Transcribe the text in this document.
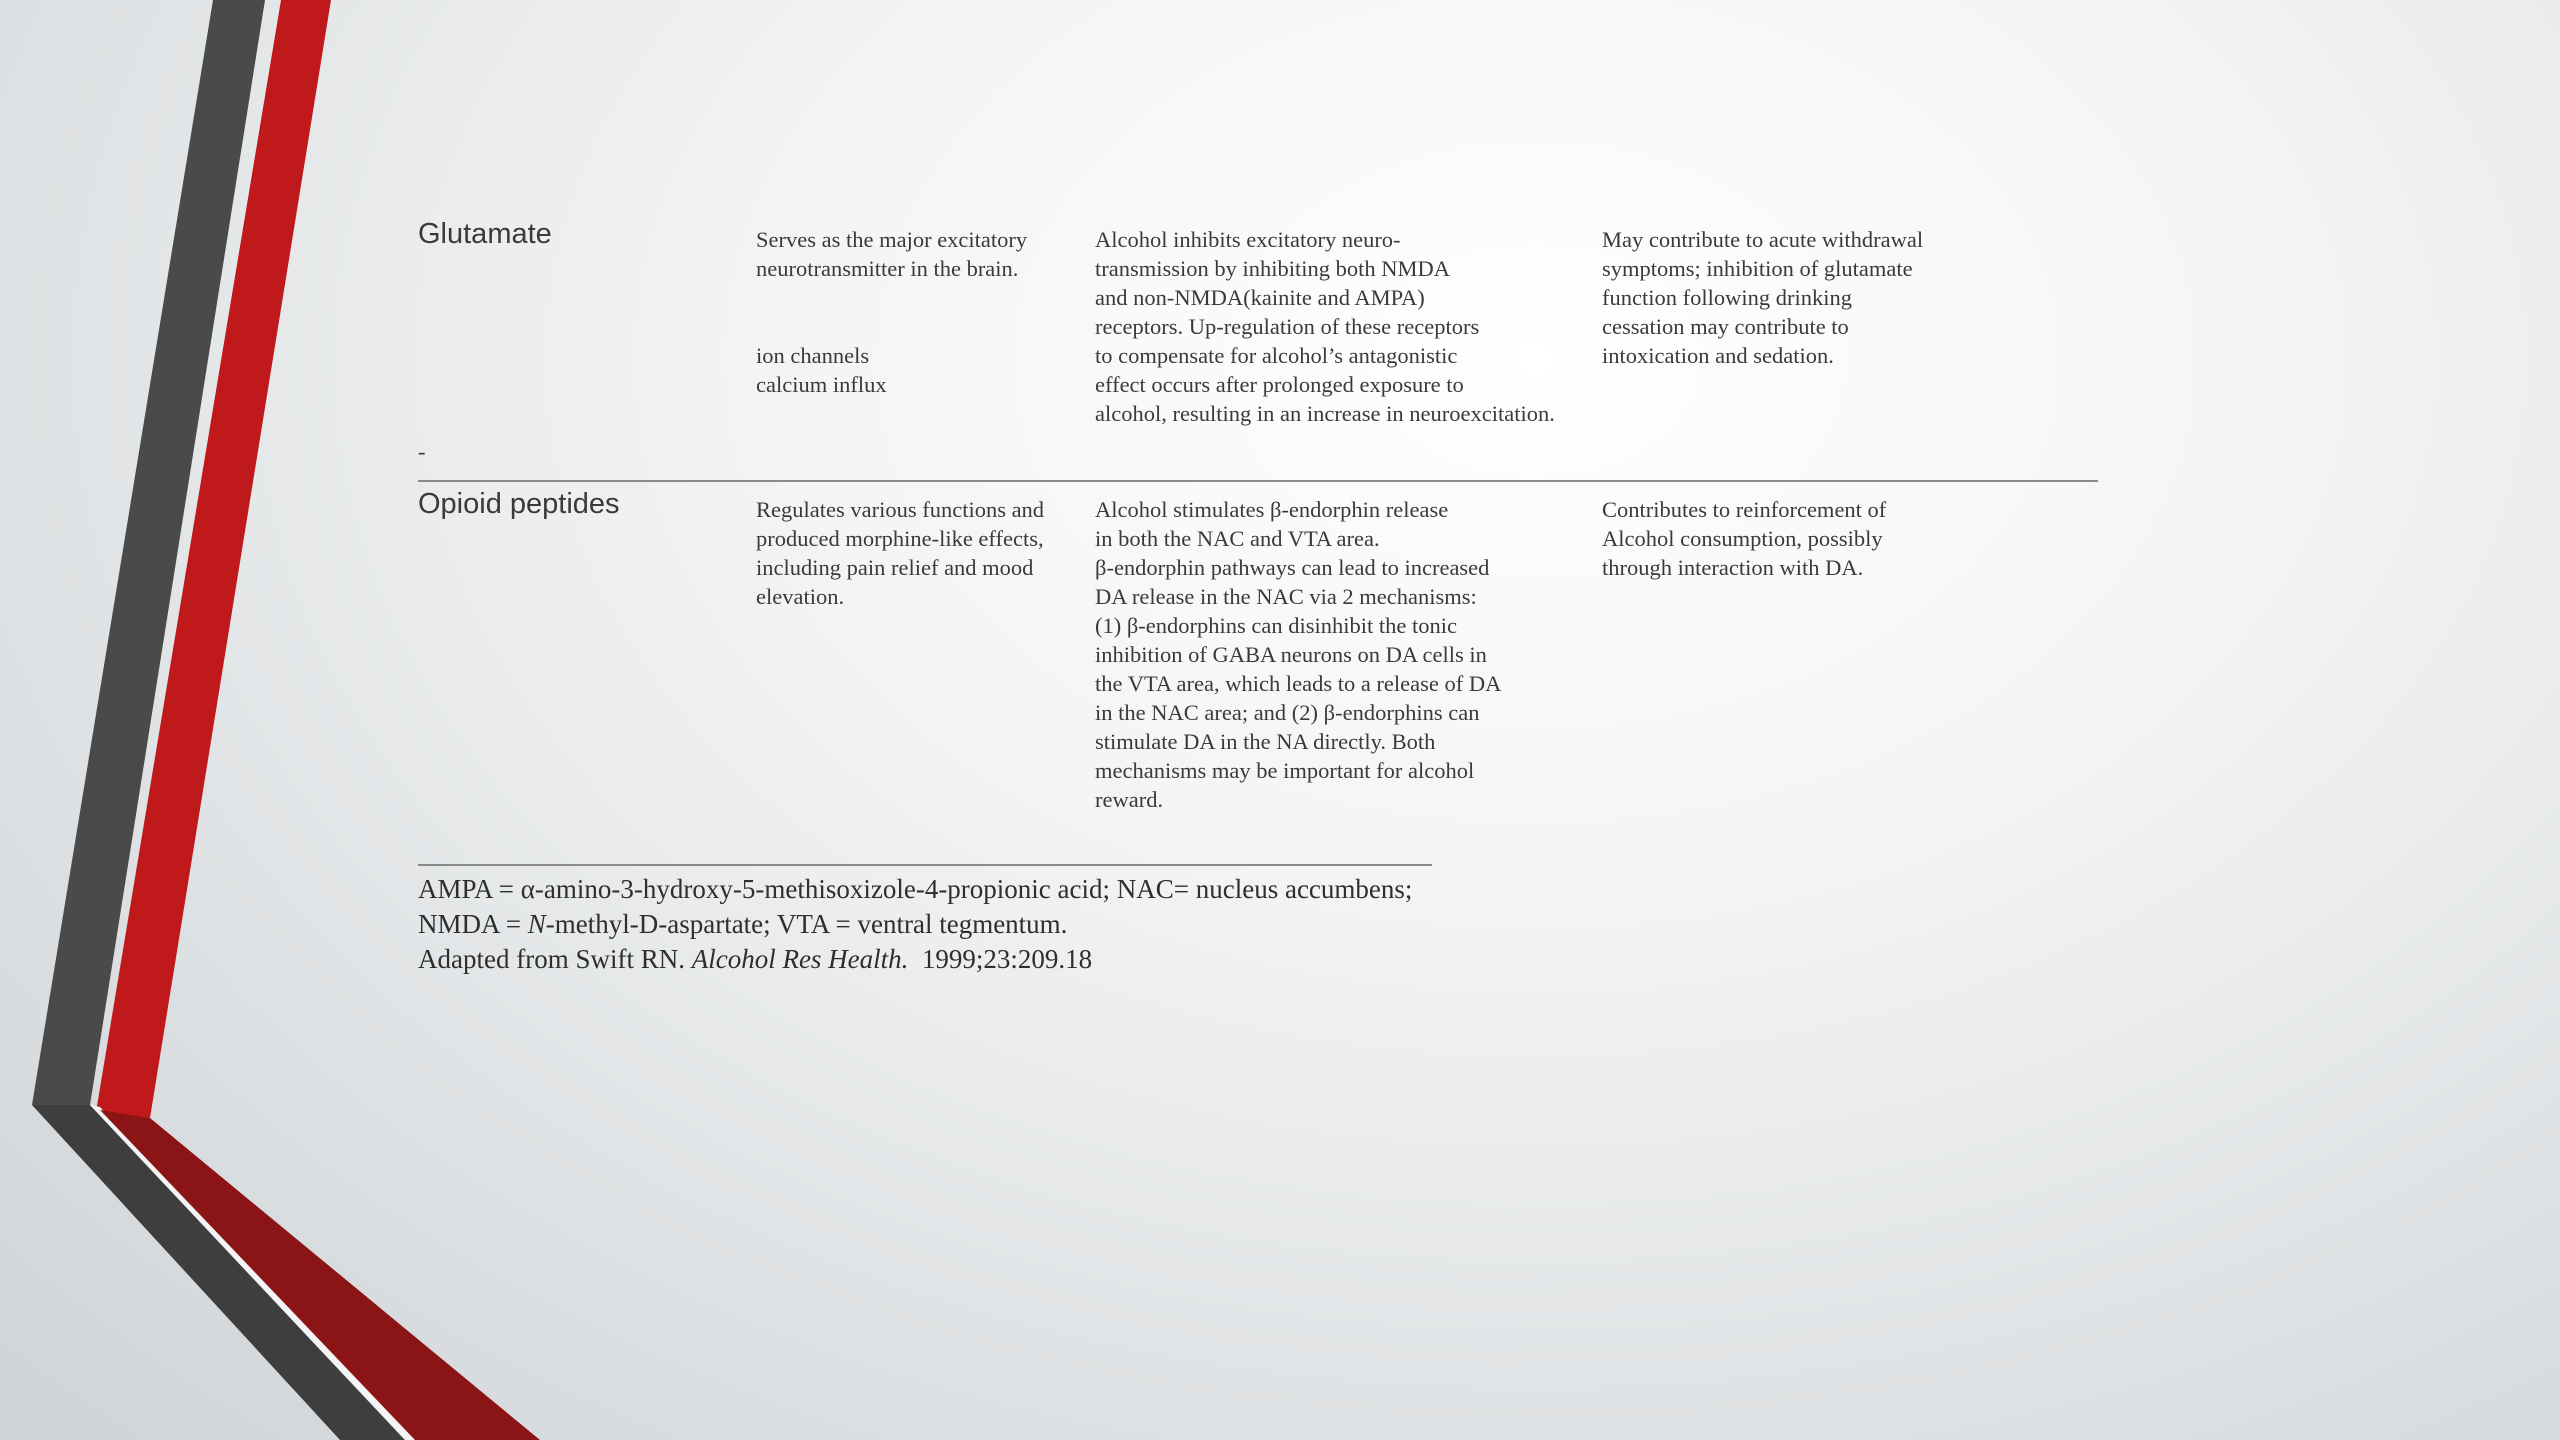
Glutamate	Serves as the major excitatory
neurotransmitter in the brain.
ion channels
calcium influx
Alcohol inhibits excitatory neuro-
transmission by inhibiting both NMDA
and non-NMDA(kainite and AMPA)
receptors. Up-regulation of these receptors
to compensate for alcohol’s antagonistic
effect occurs after prolonged exposure to
alcohol, resulting in an increase in neuroexcitation.
May contribute to acute withdrawal
symptoms; inhibition of glutamate
function following drinking
cessation may contribute to
intoxication and sedation.
-
Opioid peptides	Regulates various functions and
produced morphine-like effects,
including pain relief and mood
elevation.
Alcohol stimulates β-endorphin release
in both the NAC and VTA area.
β-endorphin pathways can lead to increased
DA release in the NAC via 2 mechanisms:
(1) β-endorphins can disinhibit the tonic
inhibition of GABA neurons on DA cells in
the VTA area, which leads to a release of DA
in the NAC area; and (2) β-endorphins can
stimulate DA in the NA directly. Both
mechanisms may be important for alcohol
reward.
Contributes to reinforcement of
Alcohol consumption, possibly
through interaction with DA.
AMPA = α-amino-3-hydroxy-5-methisoxizole-4-propionic acid; NAC= nucleus accumbens;
NMDA = N-methyl-D-aspartate; VTA = ventral tegmentum.
Adapted from Swift RN. Alcohol Res Health.  1999;23:209.18
